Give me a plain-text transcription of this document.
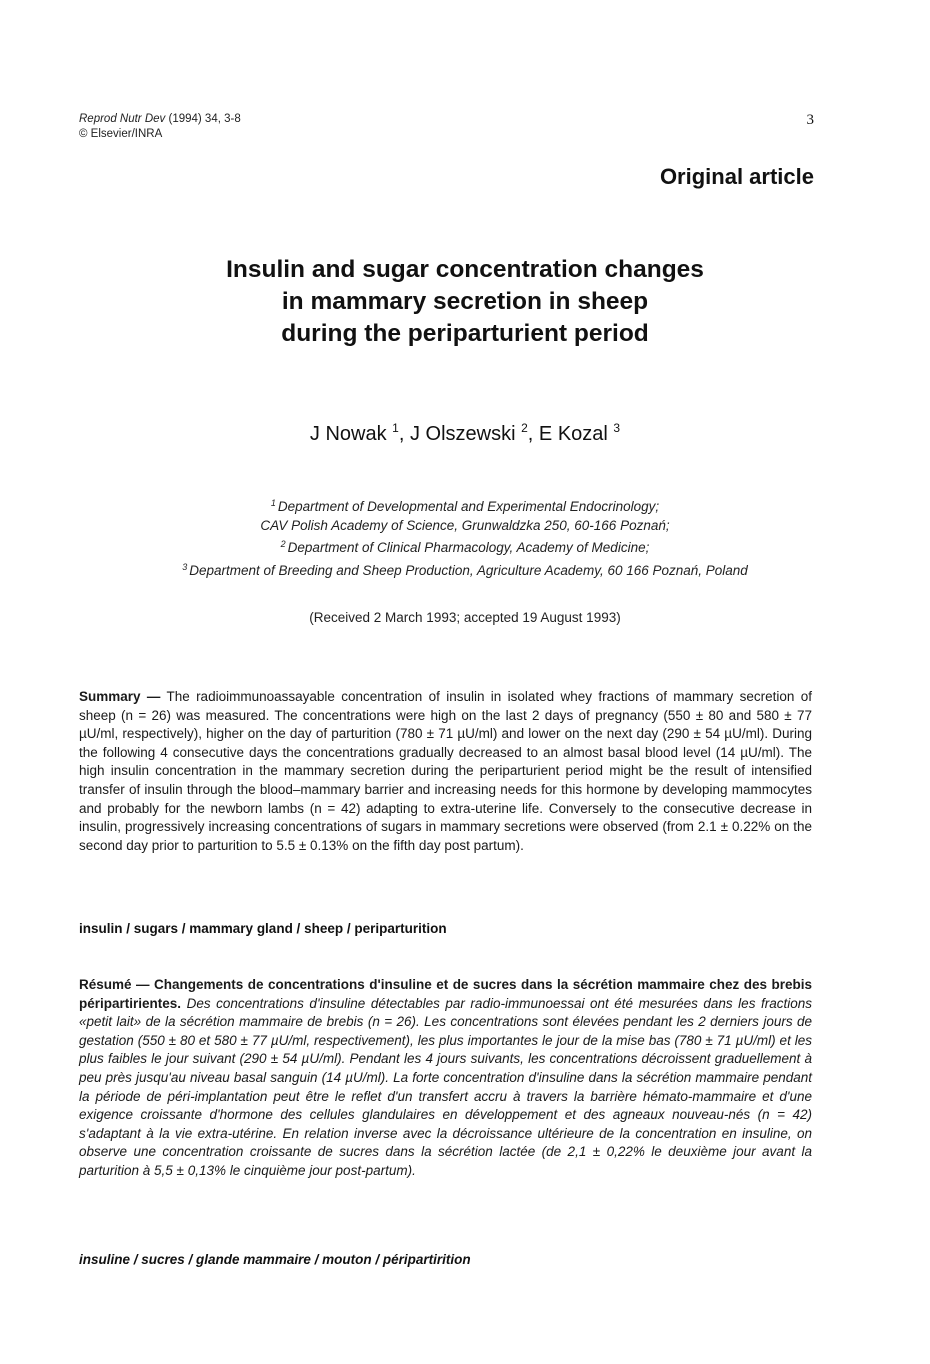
Reprod Nutr Dev (1994) 34, 3-8
© Elsevier/INRA
3
Original article
Insulin and sugar concentration changes
in mammary secretion in sheep
during the periparturient period
J Nowak $^1$, J Olszewski $^2$, E Kozal $^3$
$^1$ Department of Developmental and Experimental Endocrinology;
CAV Polish Academy of Science, Grunwaldzka 250, 60-166 Poznań;
$^2$ Department of Clinical Pharmacology, Academy of Medicine;
$^3$ Department of Breeding and Sheep Production, Agriculture Academy, 60 166 Poznań, Poland
(Received 2 March 1993; accepted 19 August 1993)
Summary — The radioimmunoassayable concentration of insulin in isolated whey fractions of mammary secretion of sheep (n = 26) was measured. The concentrations were high on the last 2 days of pregnancy (550 ± 80 and 580 ± 77 µU/ml, respectively), higher on the day of parturition (780 ± 71 µU/ml) and lower on the next day (290 ± 54 µU/ml). During the following 4 consecutive days the concentrations gradually decreased to an almost basal blood level (14 µU/ml). The high insulin concentration in the mammary secretion during the periparturient period might be the result of intensified transfer of insulin through the blood–mammary barrier and increasing needs for this hormone by developing mammocytes and probably for the newborn lambs (n = 42) adapting to extra-uterine life. Conversely to the consecutive decrease in insulin, progressively increasing concentrations of sugars in mammary secretions were observed (from 2.1 ± 0.22% on the second day prior to parturition to 5.5 ± 0.13% on the fifth day post partum).
insulin / sugars / mammary gland / sheep / periparturition
Résumé — Changements de concentrations d'insuline et de sucres dans la sécrétion mammaire chez des brebis péripartirientes. Des concentrations d'insuline détectables par radio-immunoessai ont été mesurées dans les fractions «petit lait» de la sécrétion mammaire de brebis (n = 26). Les concentrations sont élevées pendant les 2 derniers jours de gestation (550 ± 80 et 580 ± 77 µU/ml, respectivement), les plus importantes le jour de la mise bas (780 ± 71 µU/ml) et les plus faibles le jour suivant (290 ± 54 µU/ml). Pendant les 4 jours suivants, les concentrations décroissent graduellement à peu près jusqu'au niveau basal sanguin (14 µU/ml). La forte concentration d'insuline dans la sécrétion mammaire pendant la période de péri-implantation peut être le reflet d'un transfert accru à travers la barrière hémato-mammaire et d'une exigence croissante d'hormone des cellules glandulaires en développement et des agneaux nouveau-nés (n = 42) s'adaptant à la vie extra-utérine. En relation inverse avec la décroissance ultérieure de la concentration en insuline, on observe une concentration croissante de sucres dans la sécrétion lactée (de 2,1 ± 0,22% le deuxième jour avant la parturition à 5,5 ± 0,13% le cinquième jour post-partum).
insuline / sucres / glande mammaire / mouton / péripartirition
